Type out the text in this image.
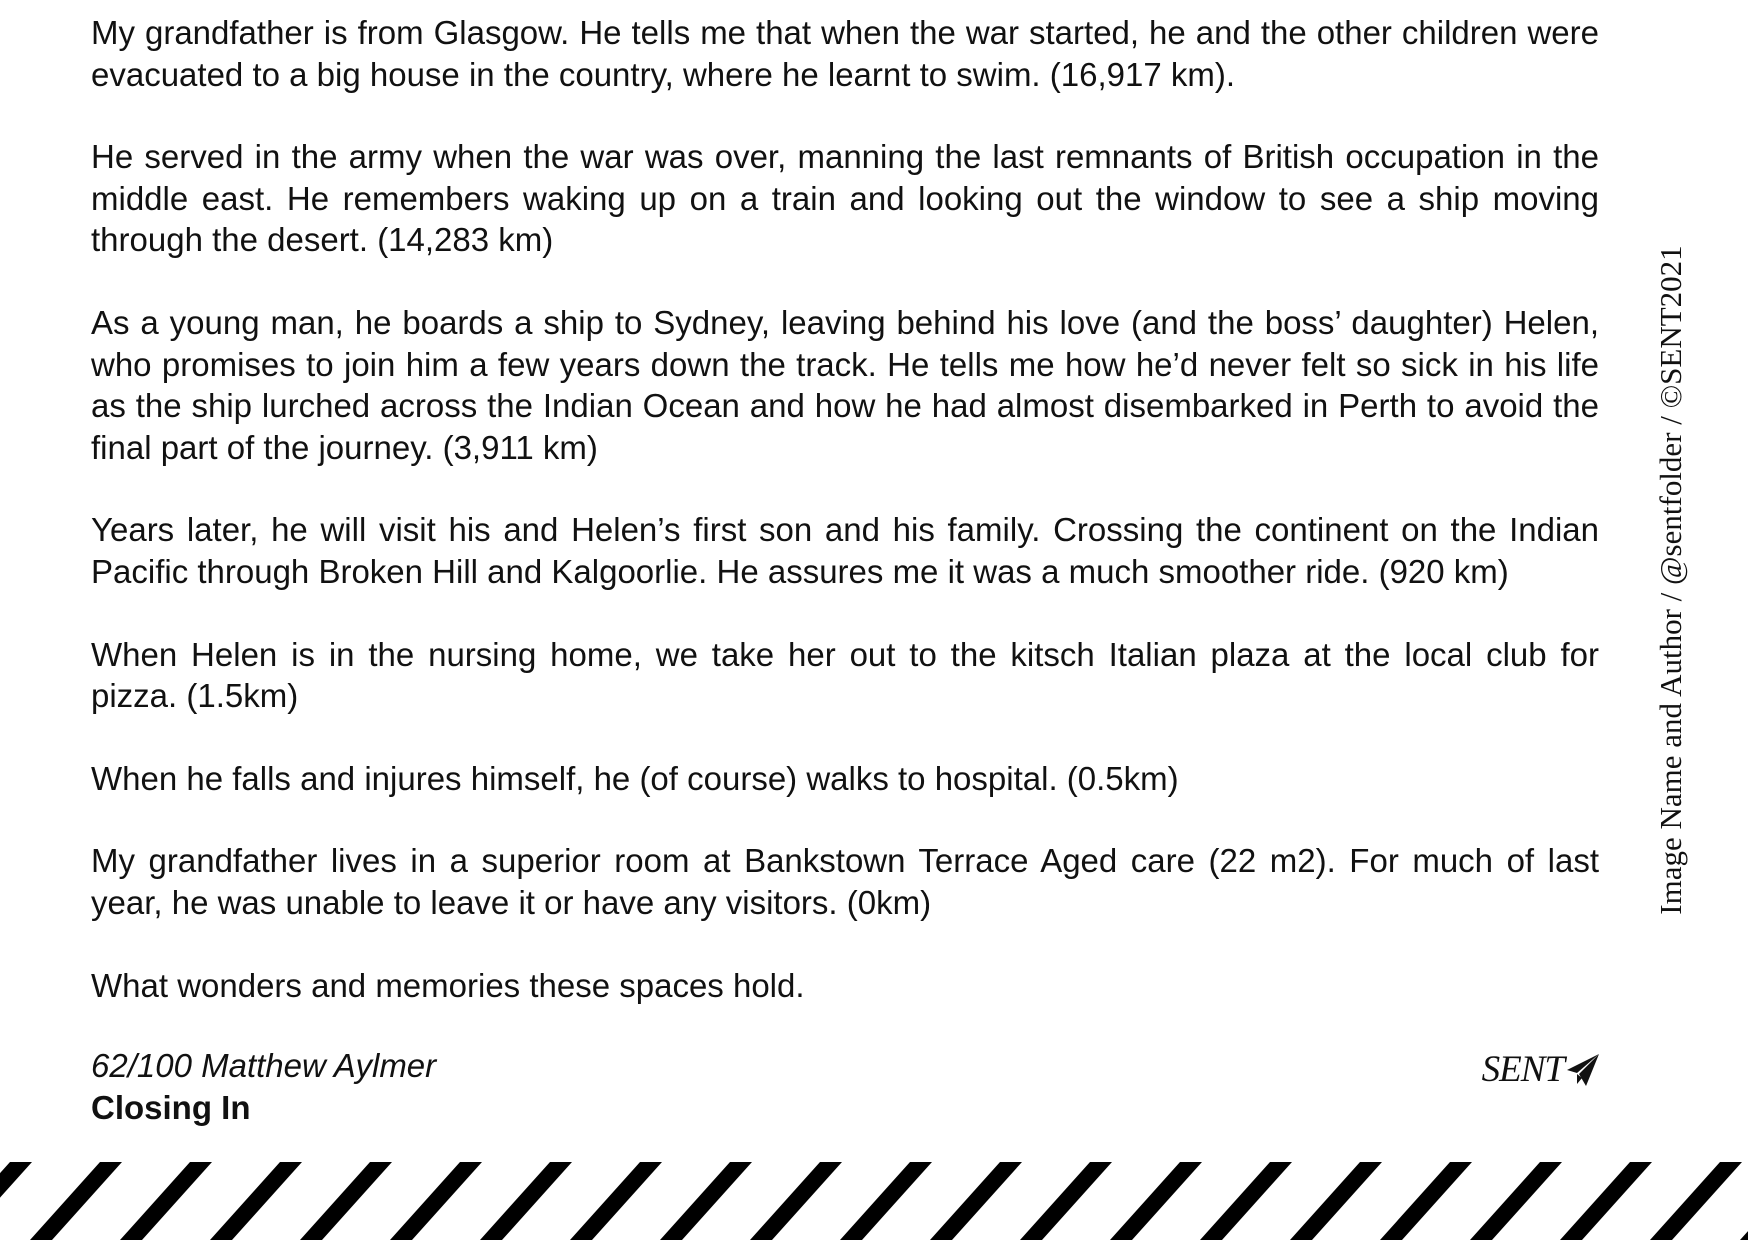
My grandfather is from Glasgow. He tells me that when the war started, he and the other children were evacuated to a big house in the country, where he learnt to swim. (16,917 km).

He served in the army when the war was over, manning the last remnants of British occupation in the middle east. He remembers waking up on a train and looking out the window to see a ship moving through the desert. (14,283 km)

As a young man, he boards a ship to Sydney, leaving behind his love (and the boss’ daughter) Helen, who promises to join him a few years down the track. He tells me how he’d never felt so sick in his life as the ship lurched across the Indian Ocean and how he had almost disembarked in Perth to avoid the final part of the journey. (3,911 km)

Years later, he will visit his and Helen’s first son and his family. Crossing the continent on the Indian Pacific through Broken Hill and Kalgoorlie. He assures me it was a much smoother ride. (920 km)

When Helen is in the nursing home, we take her out to the kitsch Italian plaza at the local club for pizza. (1.5km)

When he falls and injures himself, he (of course) walks to hospital. (0.5km)

My grandfather lives in a superior room at Bankstown Terrace Aged care (22 m2). For much of last year, he was unable to leave it or have any visitors. (0km)

What wonders and memories these spaces hold.

Image Name and Author / @sentfolder / ©SENT2021
62/100 Matthew Aylmer
Closing In
SENT
